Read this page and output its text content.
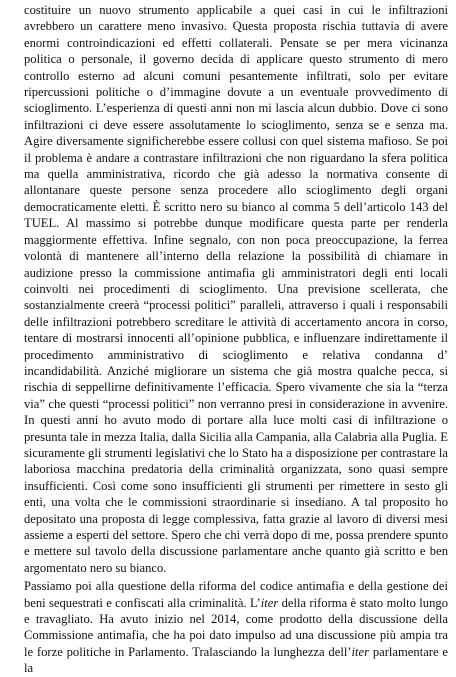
costituire un nuovo strumento applicabile a quei casi in cui le infiltrazioni avrebbero un carattere meno invasivo. Questa proposta rischia tuttavia di avere enormi controindicazioni ed effetti collaterali. Pensate se per mera vicinanza politica o personale, il governo decida di applicare questo strumento di mero controllo esterno ad alcuni comuni pesantemente infiltrati, solo per evitare ripercussioni politiche o d’immagine dovute a un eventuale provvedimento di scioglimento. L’esperienza di questi anni non mi lascia alcun dubbio. Dove ci sono infiltrazioni ci deve essere assolutamente lo scioglimento, senza se e senza ma. Agire diversamente significherebbe essere collusi con quel sistema mafioso. Se poi il problema è andare a contrastare infiltrazioni che non riguardano la sfera politica ma quella amministrativa, ricordo che già adesso la normativa consente di allontanare queste persone senza procedere allo scioglimento degli organi democraticamente eletti. È scritto nero su bianco al comma 5 dell’articolo 143 del TUEL. Al massimo si potrebbe dunque modificare questa parte per renderla maggiormente effettiva. Infine segnalo, con non poca preoccupazione, la ferrea volontà di mantenere all’interno della relazione la possibilità di chiamare in audizione presso la commissione antimafia gli amministratori degli enti locali coinvolti nei procedimenti di scioglimento. Una previsione scellerata, che sostanzialmente creerà “processi politici” paralleli, attraverso i quali i responsabili delle infiltrazioni potrebbero screditare le attività di accertamento ancora in corso, tentare di mostrarsi innocenti all’opinione pubblica, e influenzare indirettamente il procedimento amministrativo di scioglimento e relativa condanna d’ incandidabilità. Anziché migliorare un sistema che già mostra qualche pecca, si rischia di seppellirne definitivamente l’efficacia. Spero vivamente che sia la “terza via” che questi “processi politici” non verranno presi in considerazione in avvenire. In questi anni ho avuto modo di portare alla luce molti casi di infiltrazione o presunta tale in mezza Italia, dalla Sicilia alla Campania, alla Calabria alla Puglia. E sicuramente gli strumenti legislativi che lo Stato ha a disposizione per contrastare la laboriosa macchina predatoria della criminalità organizzata, sono quasi sempre insufficienti. Così come sono insufficienti gli strumenti per rimettere in sesto gli enti, una volta che le commissioni straordinarie si insediano. A tal proposito ho depositato una proposta di legge complessiva, fatta grazie al lavoro di diversi mesi assieme a esperti del settore. Spero che chi verrà dopo di me, possa prendere spunto e mettere sul tavolo della discussione parlamentare anche quanto già scritto e ben argomentato nero su bianco.

Passiamo poi alla questione della riforma del codice antimafia e della gestione dei beni sequestrati e confiscati alla criminalità. L’iter della riforma è stato molto lungo e travagliato. Ha avuto inizio nel 2014, come prodotto della discussione della Commissione antimafia, che ha poi dato impulso ad una discussione più ampia tra le forze politiche in Parlamento. Tralasciando la lunghezza dell’iter parlamentare e la
